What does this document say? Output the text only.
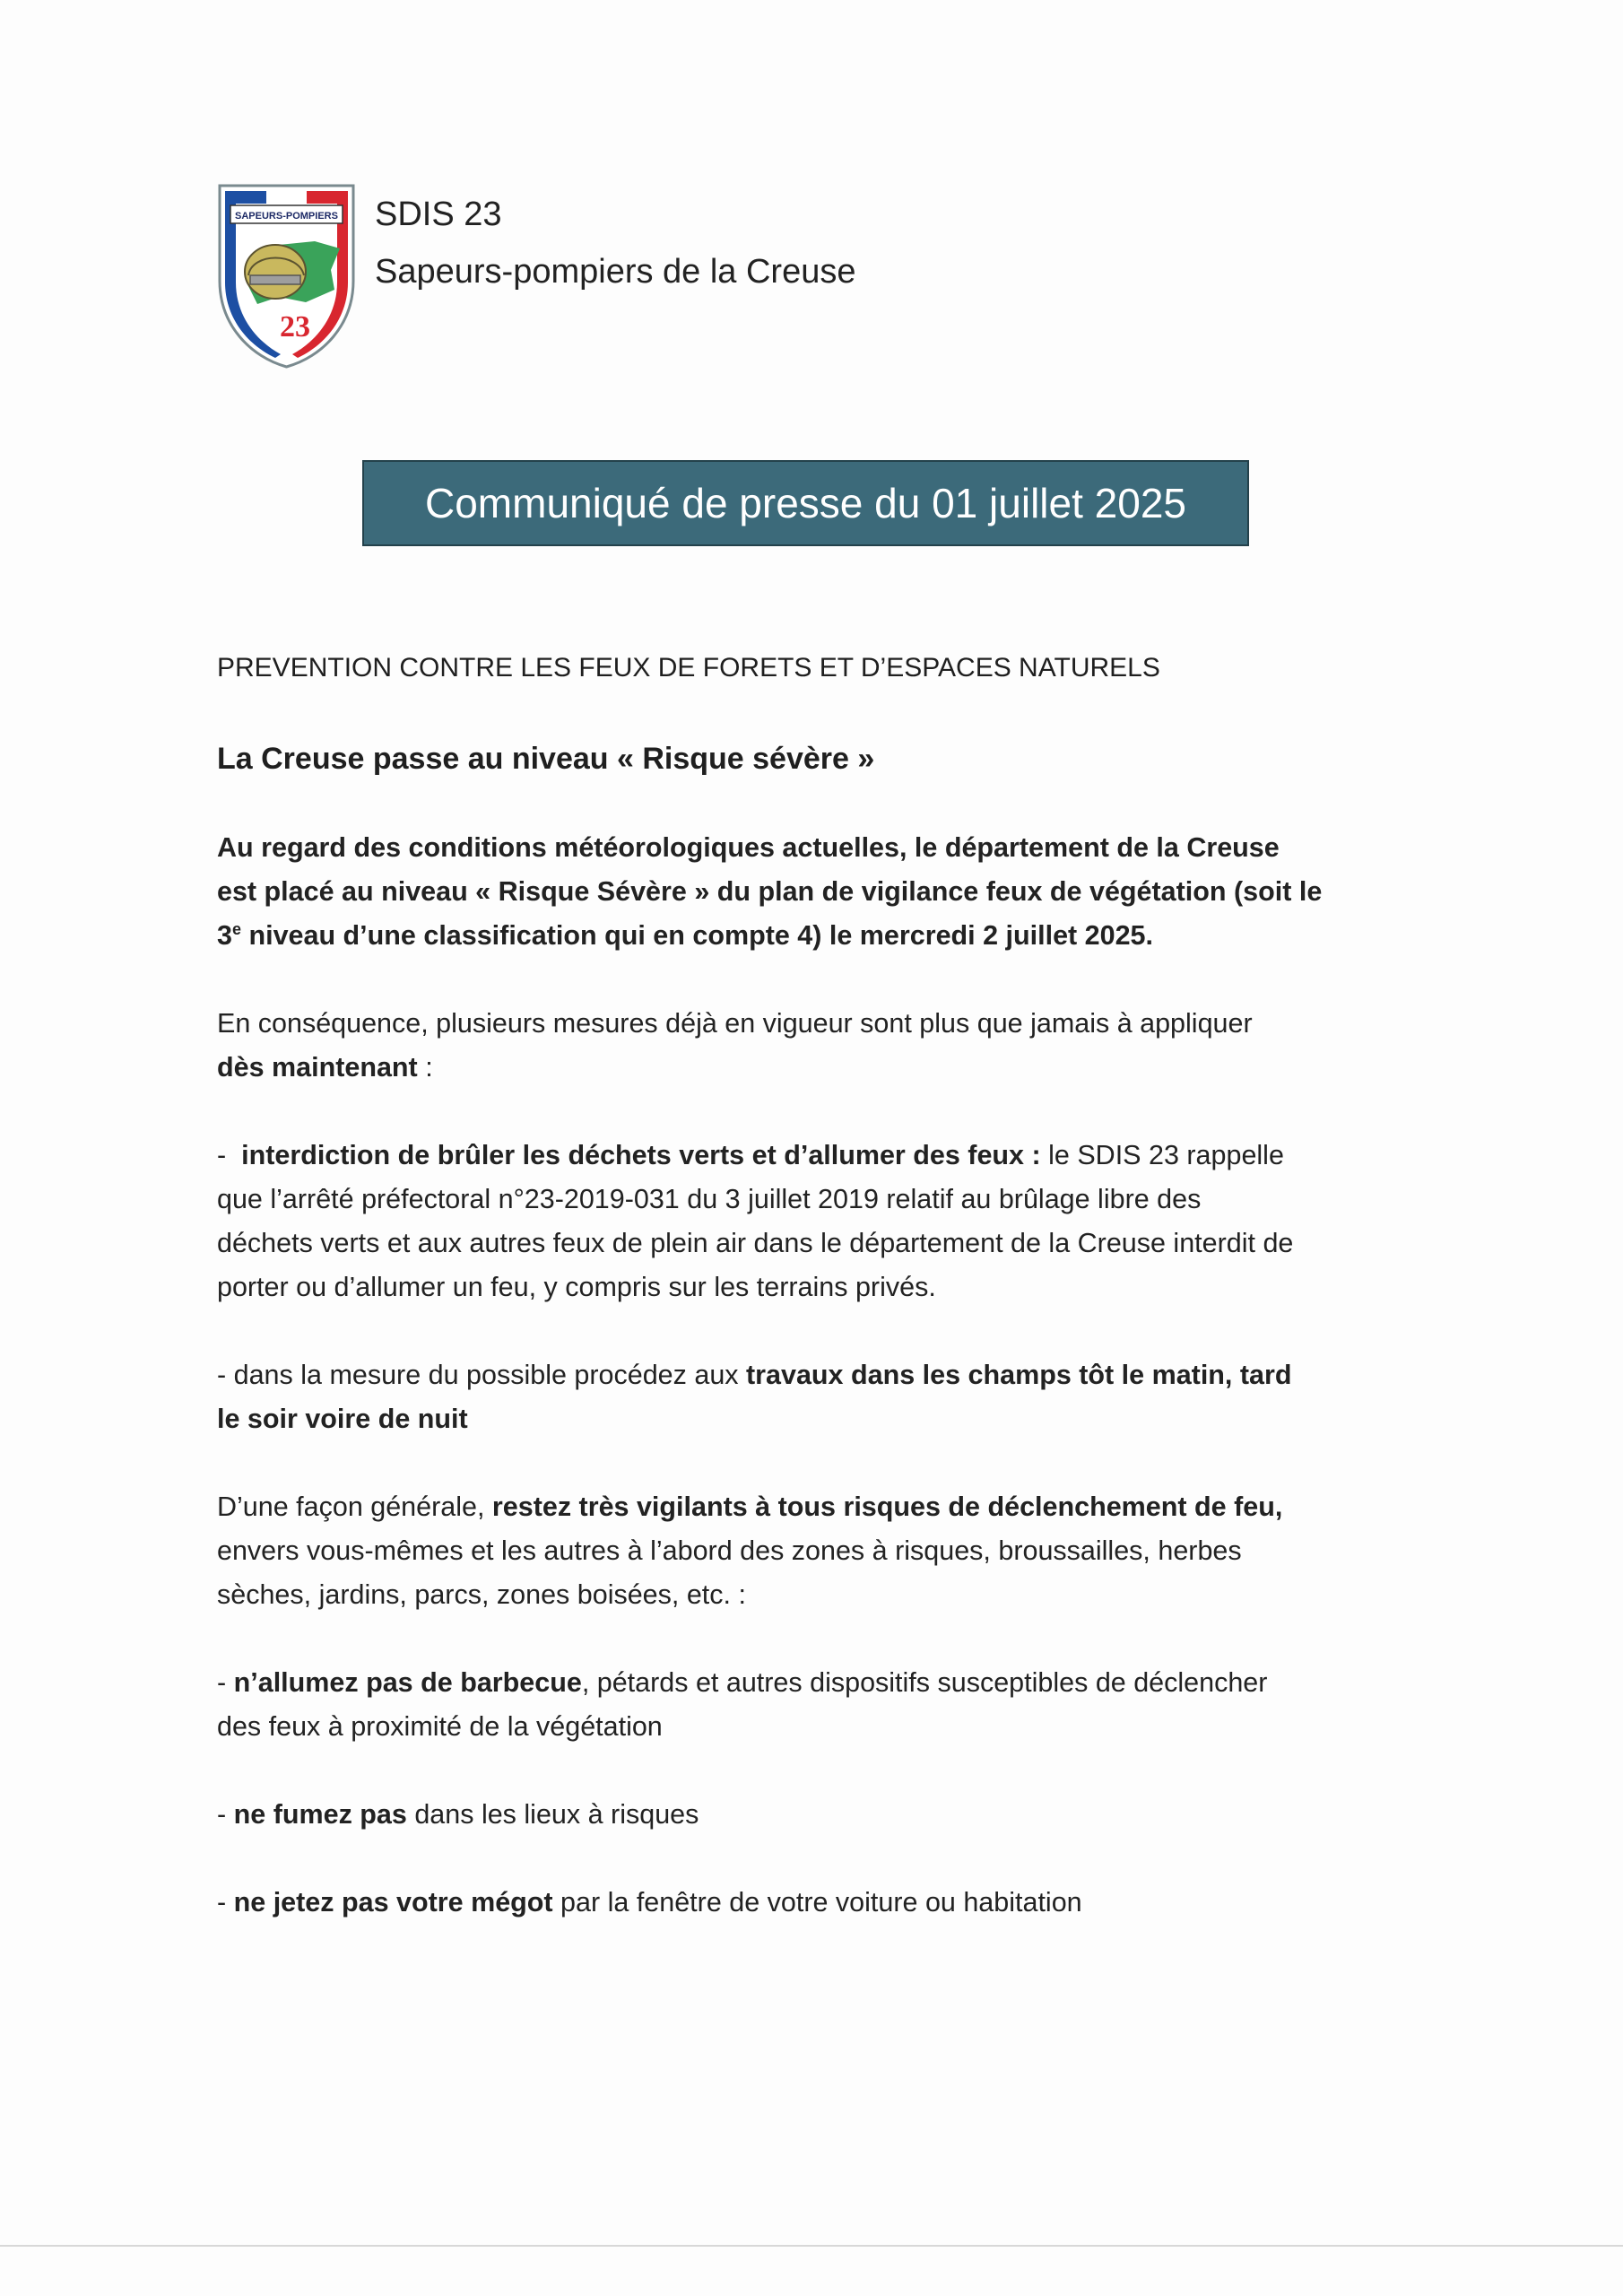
SAPEURS-POMPIERS
23
SDIS 23
Sapeurs-pompiers de la Creuse
Communiqué de presse du 01 juillet 2025

PREVENTION CONTRE LES FEUX DE FORETS ET D’ESPACES NATURELS

La Creuse passe au niveau « Risque sévère »

Au regard des conditions météorologiques actuelles, le département de la Creuse

est placé au niveau « Risque Sévère » du plan de vigilance feux de végétation (soit le

3e niveau d’une classification qui en compte 4) le mercredi 2 juillet 2025.

En conséquence, plusieurs mesures déjà en vigueur sont plus que jamais à appliquer

dès maintenant :

-  interdiction de brûler les déchets verts et d’allumer des feux : le SDIS 23 rappelle

que l’arrêté préfectoral n°23-2019-031 du 3 juillet 2019 relatif au brûlage libre des

déchets verts et aux autres feux de plein air dans le département de la Creuse interdit de

porter ou d’allumer un feu, y compris sur les terrains privés.

- dans la mesure du possible procédez aux travaux dans les champs tôt le matin, tard

le soir voire de nuit

D’une façon générale, restez très vigilants à tous risques de déclenchement de feu,

envers vous-mêmes et les autres à l’abord des zones à risques, broussailles, herbes

sèches, jardins, parcs, zones boisées, etc. :

- n’allumez pas de barbecue, pétards et autres dispositifs susceptibles de déclencher

des feux à proximité de la végétation

- ne fumez pas dans les lieux à risques

- ne jetez pas votre mégot par la fenêtre de votre voiture ou habitation
